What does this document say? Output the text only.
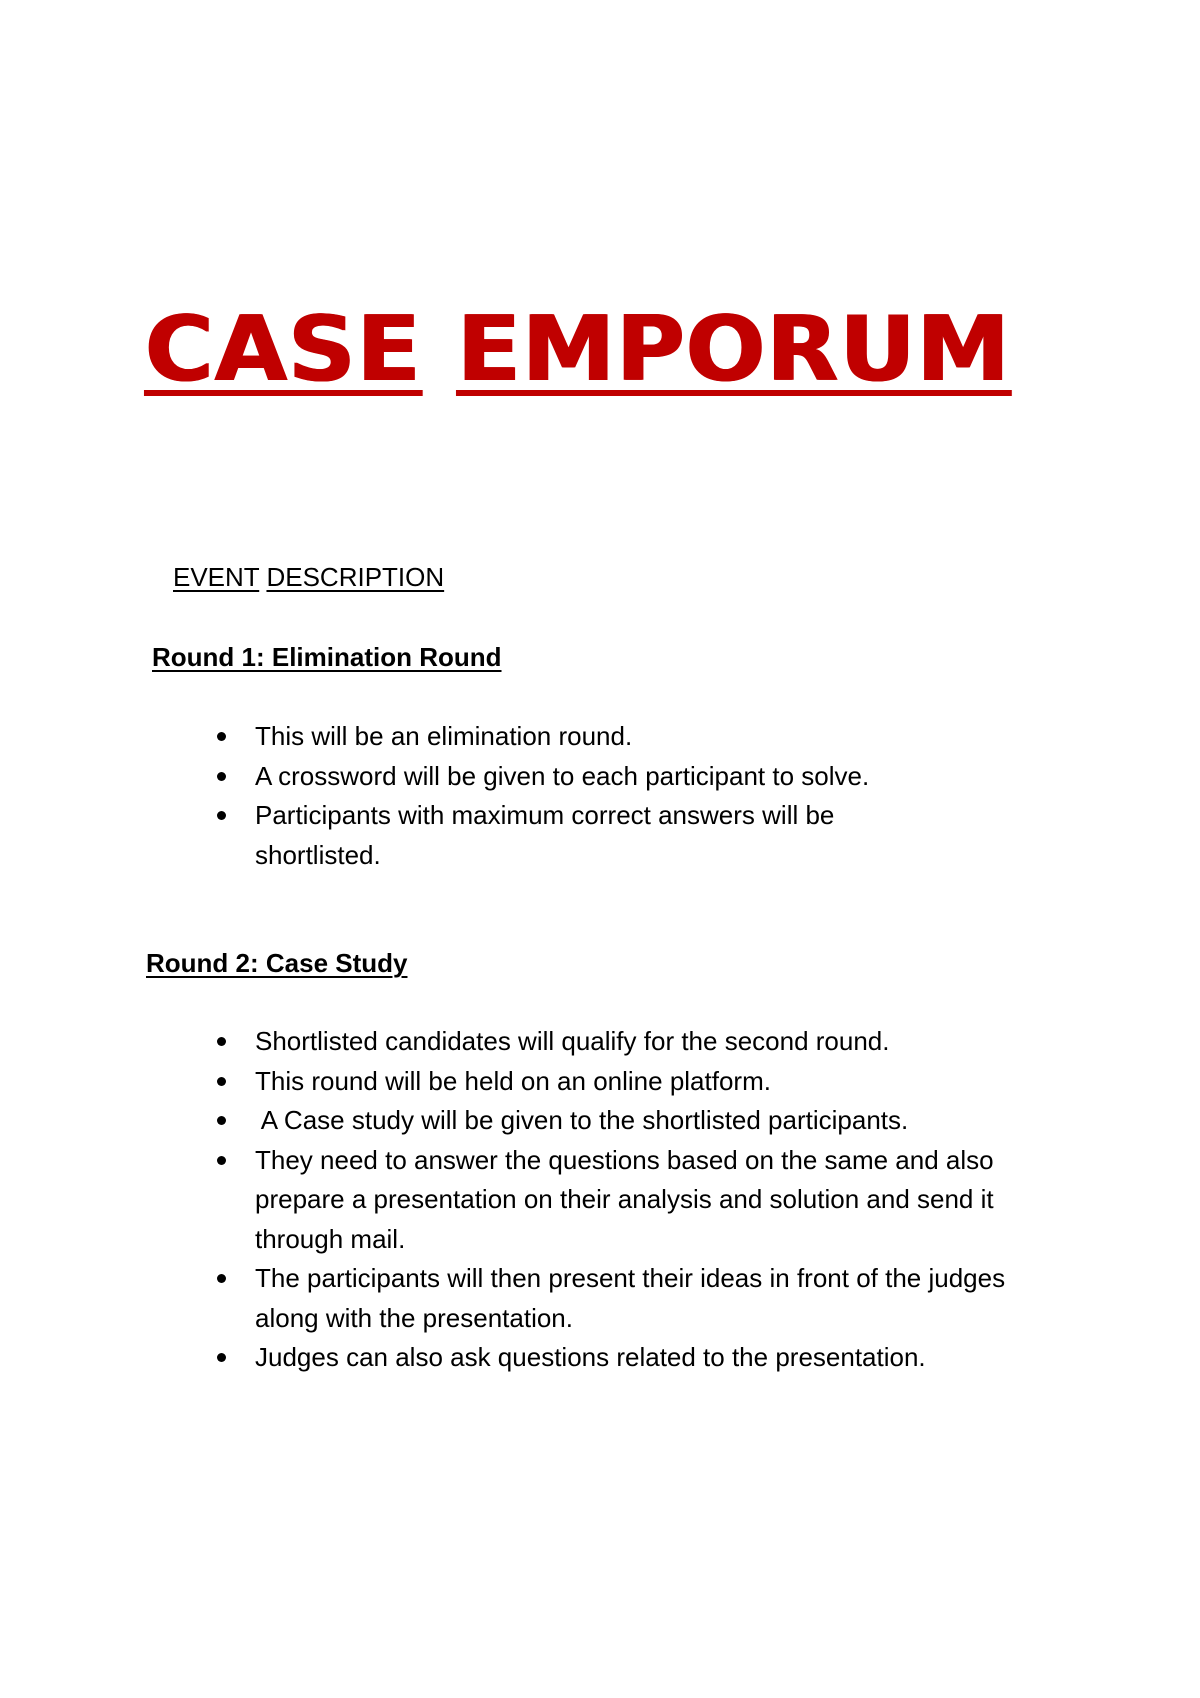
CASE EMPORUM
EVENT DESCRIPTION
Round 1: Elimination Round
This will be an elimination round.
A crossword will be given to each participant to solve.
Participants with maximum correct answers will be shortlisted.
Round 2: Case Study
Shortlisted candidates will qualify for the second round.
This round will be held on an online platform.
A Case study will be given to the shortlisted participants.
They need to answer the questions based on the same and also prepare a presentation on their analysis and solution and send it through mail.
The participants will then present their ideas in front of the judges along with the presentation.
Judges can also ask questions related to the presentation.
